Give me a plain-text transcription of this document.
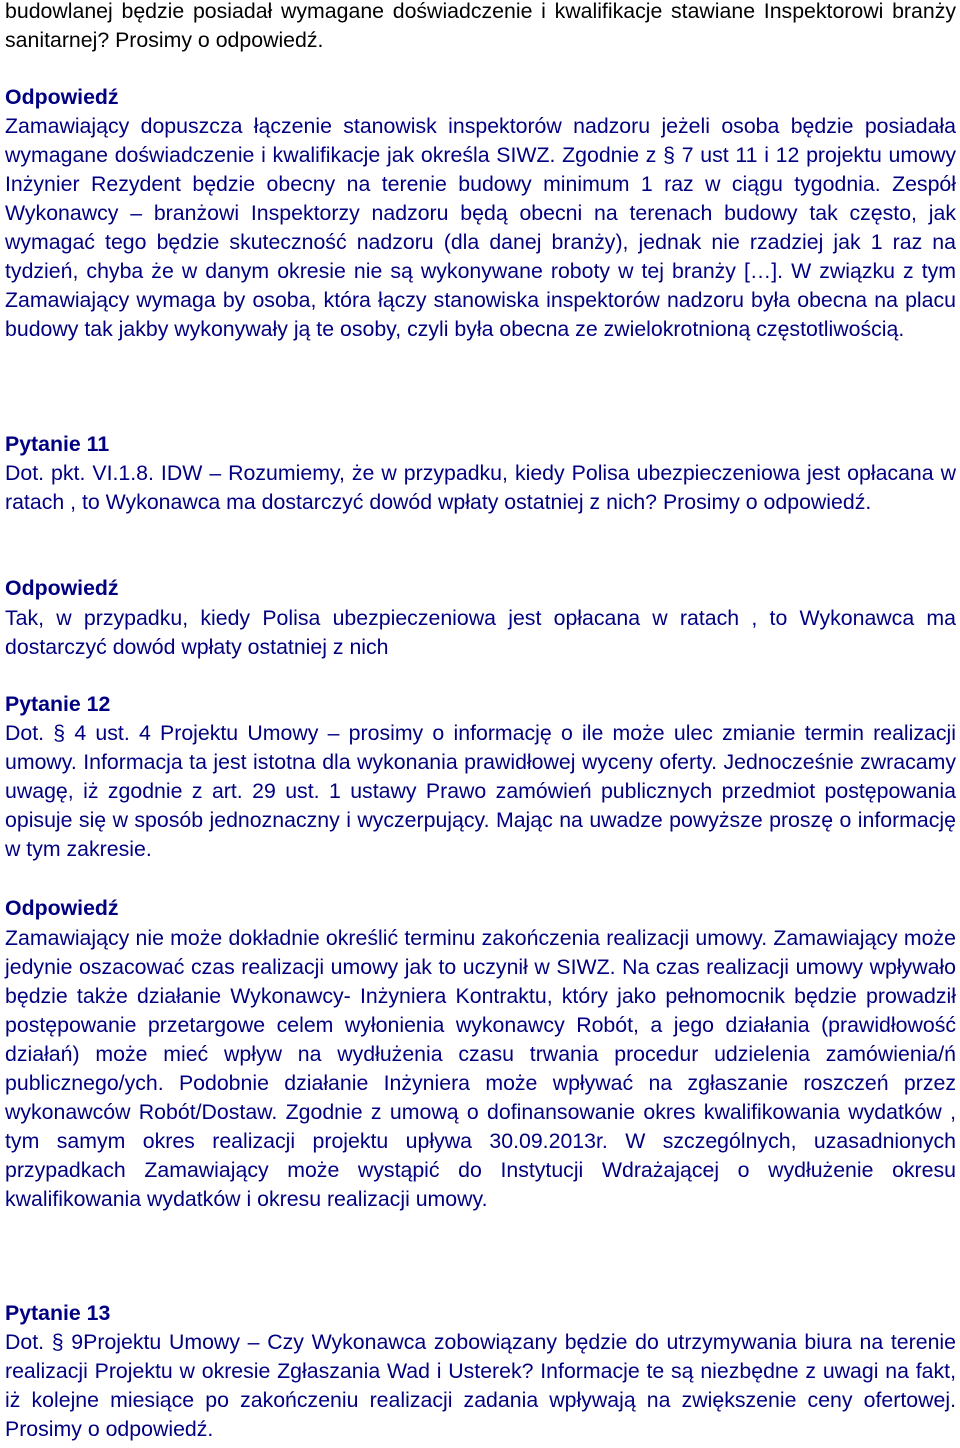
budowlanej będzie posiadał wymagane doświadczenie i kwalifikacje stawiane Inspektorowi branży sanitarnej? Prosimy o odpowiedź.

Odpowiedź

Zamawiający dopuszcza łączenie stanowisk inspektorów nadzoru jeżeli osoba będzie posiadała wymagane doświadczenie i kwalifikacje jak określa SIWZ. Zgodnie z § 7 ust 11 i 12 projektu umowy Inżynier Rezydent będzie obecny na terenie budowy minimum 1 raz w ciągu tygodnia. Zespół Wykonawcy – branżowi Inspektorzy nadzoru będą obecni na terenach budowy tak często, jak wymagać tego będzie skuteczność nadzoru (dla danej branży), jednak nie rzadziej jak 1 raz na tydzień, chyba że w danym okresie nie są wykonywane roboty w tej branży […]. W związku z tym Zamawiający wymaga by osoba, która łączy stanowiska inspektorów nadzoru była obecna na placu budowy tak jakby wykonywały ją te osoby, czyli była obecna ze zwielokrotnioną częstotliwością.

Pytanie 11

Dot. pkt. VI.1.8. IDW – Rozumiemy, że w przypadku, kiedy Polisa ubezpieczeniowa jest opłacana w ratach , to Wykonawca ma dostarczyć dowód wpłaty ostatniej z nich? Prosimy o odpowiedź.

Odpowiedź

Tak, w przypadku, kiedy Polisa ubezpieczeniowa jest opłacana w ratach , to Wykonawca ma dostarczyć dowód wpłaty ostatniej z nich

Pytanie 12

Dot. § 4 ust. 4 Projektu Umowy – prosimy o informację o ile może ulec zmianie termin realizacji umowy. Informacja ta jest istotna dla wykonania prawidłowej wyceny oferty. Jednocześnie zwracamy uwagę, iż zgodnie z art. 29 ust. 1 ustawy Prawo zamówień publicznych przedmiot postępowania opisuje się w sposób jednoznaczny i wyczerpujący. Mając na uwadze powyższe proszę o informację w tym zakresie.

Odpowiedź

Zamawiający nie może dokładnie określić terminu zakończenia realizacji umowy. Zamawiający może jedynie oszacować czas realizacji umowy jak to uczynił w SIWZ. Na czas realizacji umowy wpływało będzie także działanie Wykonawcy- Inżyniera Kontraktu, który jako pełnomocnik będzie prowadził postępowanie przetargowe celem wyłonienia wykonawcy Robót, a jego działania (prawidłowość działań) może mieć wpływ na wydłużenia czasu trwania procedur udzielenia zamówienia/ń publicznego/ych. Podobnie działanie Inżyniera może wpływać na zgłaszanie roszczeń przez wykonawców Robót/Dostaw. Zgodnie z umową o dofinansowanie okres kwalifikowania wydatków , tym samym okres realizacji projektu upływa 30.09.2013r. W szczególnych, uzasadnionych przypadkach Zamawiający może wystąpić do Instytucji Wdrażającej o wydłużenie okresu kwalifikowania wydatków i okresu realizacji umowy.

Pytanie 13

Dot. § 9Projektu Umowy – Czy Wykonawca zobowiązany będzie do utrzymywania biura na terenie realizacji Projektu w okresie Zgłaszania Wad i Usterek? Informacje te są niezbędne z uwagi na fakt, iż kolejne miesiące po zakończeniu realizacji zadania wpływają na zwiększenie ceny ofertowej. Prosimy o odpowiedź.
